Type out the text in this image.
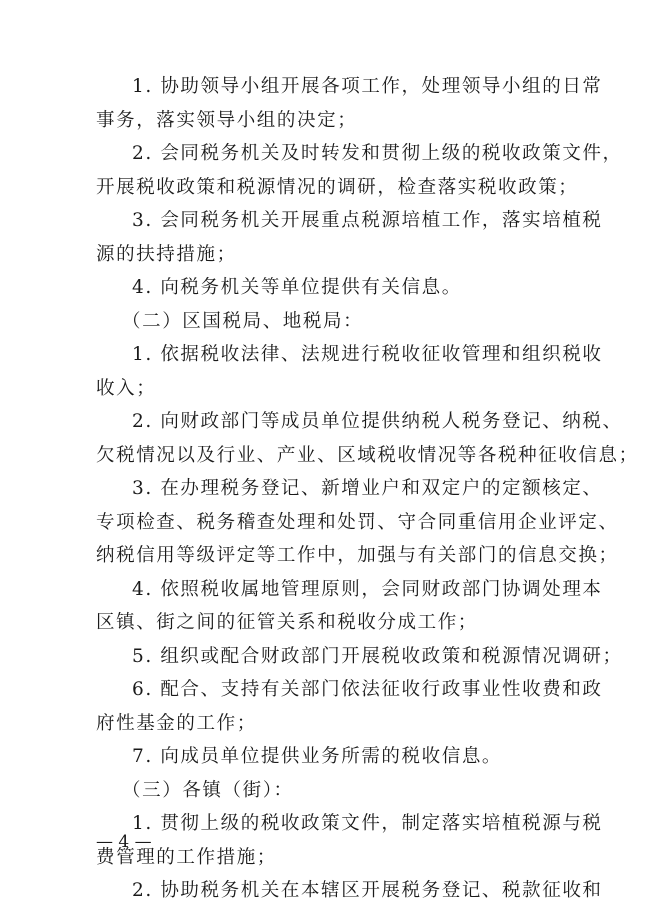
1. 协助领导小组开展各项工作，处理领导小组的日常
事务，落实领导小组的决定；
2. 会同税务机关及时转发和贯彻上级的税收政策文件，
开展税收政策和税源情况的调研，检查落实税收政策；
3. 会同税务机关开展重点税源培植工作，落实培植税
源的扶持措施；
4. 向税务机关等单位提供有关信息。
（二）区国税局、地税局：
1. 依据税收法律、法规进行税收征收管理和组织税收
收入；
2. 向财政部门等成员单位提供纳税人税务登记、纳税、
欠税情况以及行业、产业、区域税收情况等各税种征收信息；
3. 在办理税务登记、新增业户和双定户的定额核定、
专项检查、税务稽查处理和处罚、守合同重信用企业评定、
纳税信用等级评定等工作中，加强与有关部门的信息交换；
4. 依照税收属地管理原则，会同财政部门协调处理本
区镇、街之间的征管关系和税收分成工作；
5. 组织或配合财政部门开展税收政策和税源情况调研；
6. 配合、支持有关部门依法征收行政事业性收费和政
府性基金的工作；
7. 向成员单位提供业务所需的税收信息。
（三）各镇（街）：
1. 贯彻上级的税收政策文件，制定落实培植税源与税
费管理的工作措施；
2. 协助税务机关在本辖区开展税务登记、税款征收和
— 4 —
